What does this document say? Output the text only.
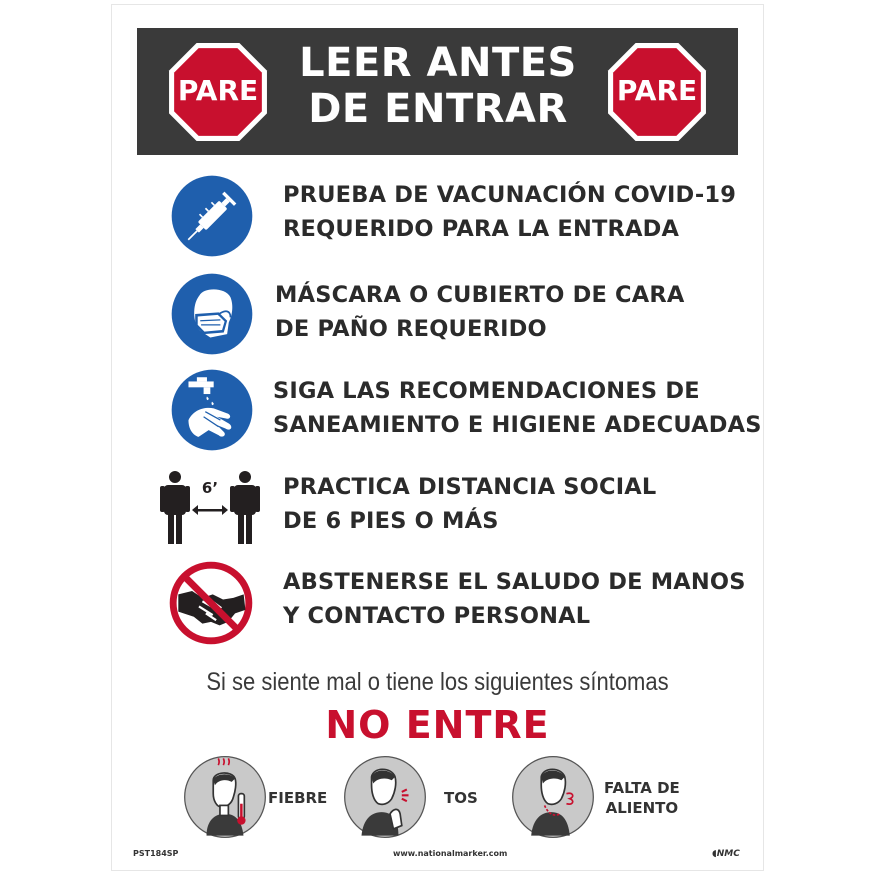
PARE	PARE
LEER ANTES
DE ENTRAR
PRUEBA DE VACUNACIÓN COVID-19
REQUERIDO PARA LA ENTRADA
MÁSCARA O CUBIERTO DE CARA
DE PAÑO REQUERIDO
SIGA LAS RECOMENDACIONES DE
SANEAMIENTO E HIGIENE ADECUADAS
6’	PRACTICA DISTANCIA SOCIAL
DE 6 PIES O MÁS
ABSTENERSE EL SALUDO DE MANOS
Y CONTACTO PERSONAL
Si se siente mal o tiene los siguientes síntomas
NO ENTRE
FIEBRE	TOS
FALTA DE
ALIENTO
PST184SP	www.nationalmarker.com	◖NMC
